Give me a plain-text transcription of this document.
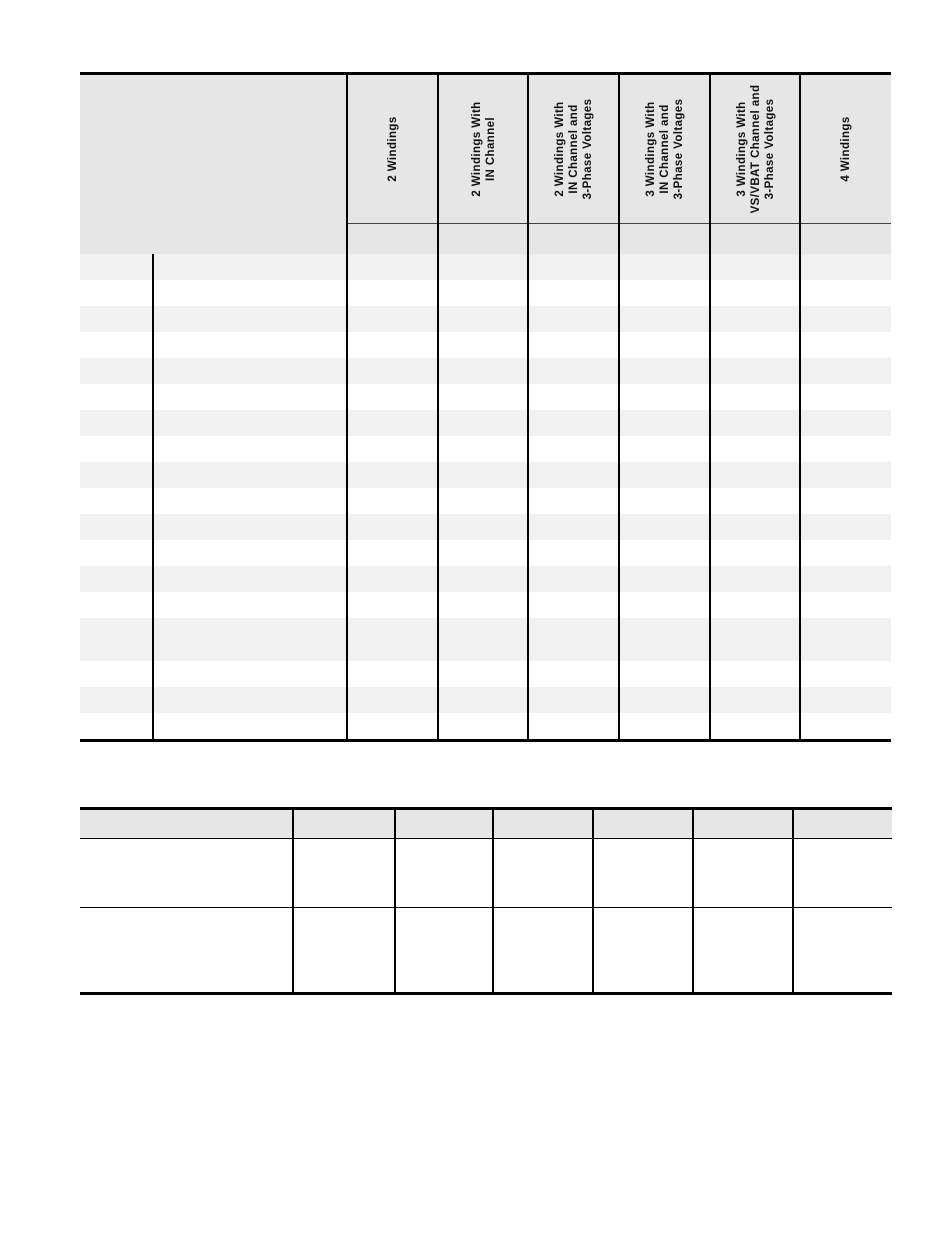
2 Windings
2 Windings With
IN Channel
2 Windings With
IN Channel and
3-Phase Voltages
3 Windings With
IN Channel and
3-Phase Voltages
3 Windings With
VS/VBAT Channel and
3-Phase Voltages	4 Windings
